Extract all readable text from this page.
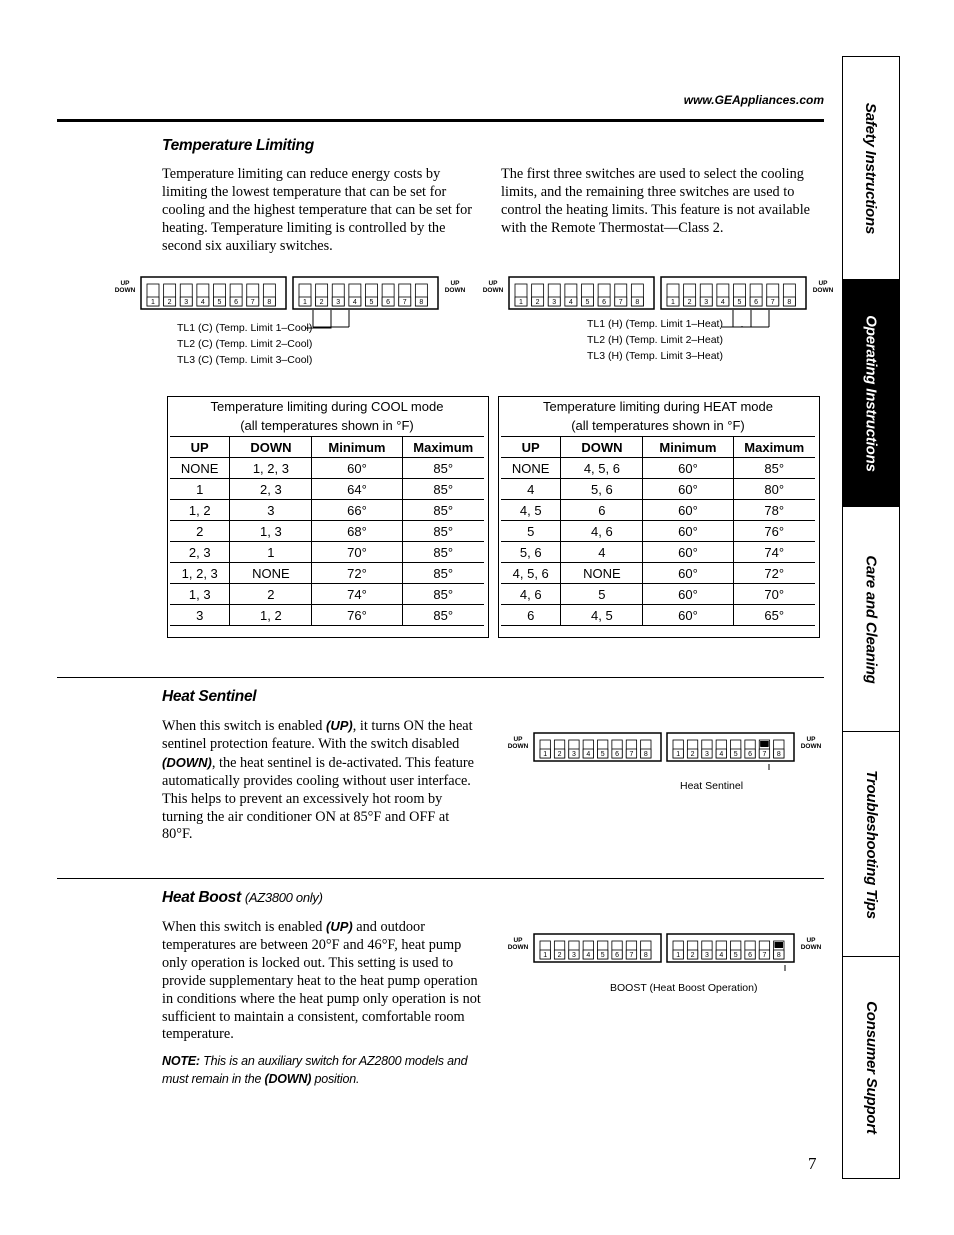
www.GEAppliances.com
Safety Instructions
Operating Instructions
Care and Cleaning
Troubleshooting Tips
Consumer Support
Temperature Limiting
Temperature limiting can reduce energy costs by limiting the lowest temperature that can be set for cooling and the highest temperature that can be set for heating. Temperature limiting is controlled by the second six auxiliary switches.
The first three switches are used to select the cooling limits, and the remaining three switches are used to control the heating limits. This feature is not available with the Remote Thermostat—Class 2.
TL1 (C) (Temp. Limit 1–Cool)
TL2 (C) (Temp. Limit 2–Cool)
TL3 (C) (Temp. Limit 3–Cool)
TL1 (H) (Temp. Limit 1–Heat)
TL2 (H) (Temp. Limit 2–Heat)
TL3 (H) (Temp. Limit 3–Heat)
Temperature limiting during COOL mode
(all temperatures shown in °F)
UP	DOWN	Minimum	Maximum
NONE	1, 2, 3	60°	85°
1	2, 3	64°	85°
1, 2	3	66°	85°
2	1, 3	68°	85°
2, 3	1	70°	85°
1, 2, 3	NONE	72°	85°
1, 3	2	74°	85°
3	1, 2	76°	85°
Temperature limiting during HEAT mode
(all temperatures shown in °F)
UP	DOWN	Minimum	Maximum
NONE	4, 5, 6	60°	85°
4	5, 6	60°	80°
4, 5	6	60°	78°
5	4, 6	60°	76°
5, 6	4	60°	74°
4, 5, 6	NONE	60°	72°
4, 6	5	60°	70°
6	4, 5	60°	65°
Heat Sentinel
When this switch is enabled (UP), it turns ON the heat sentinel protection feature. With the switch disabled (DOWN), the heat sentinel is de-activated. This feature automatically provides cooling without user interface. This helps to prevent an excessively hot room by turning the air conditioner ON at 85°F and OFF at 80°F.
Heat Sentinel
Heat Boost (AZ3800 only)
When this switch is enabled (UP) and outdoor temperatures are between 20°F and 46°F, heat pump only operation is locked out. This setting is used to provide supplementary heat to the heat pump operation in conditions where the heat pump only operation is not sufficient to maintain a consistent, comfortable room temperature.
NOTE: This is an auxiliary switch for AZ2800 models and must remain in the (DOWN) position.
BOOST (Heat Boost Operation)
7
UP
DOWN
1 2 3 4 5 6 7 8	1 2 3 4 5 6 7 8
UP
DOWN
UP
DOWN
1 2 3 4 5 6 7 8	1 2 3 4 5 6 7 8
UP
DOWN
UP
DOWN
1 2 3 4 5 6 7 8	1 2 3 4 5 6 7 8
UP
DOWN
UP
DOWN
1 2 3 4 5 6 7 8	1 2 3 4 5 6 7 8
UP
DOWN
